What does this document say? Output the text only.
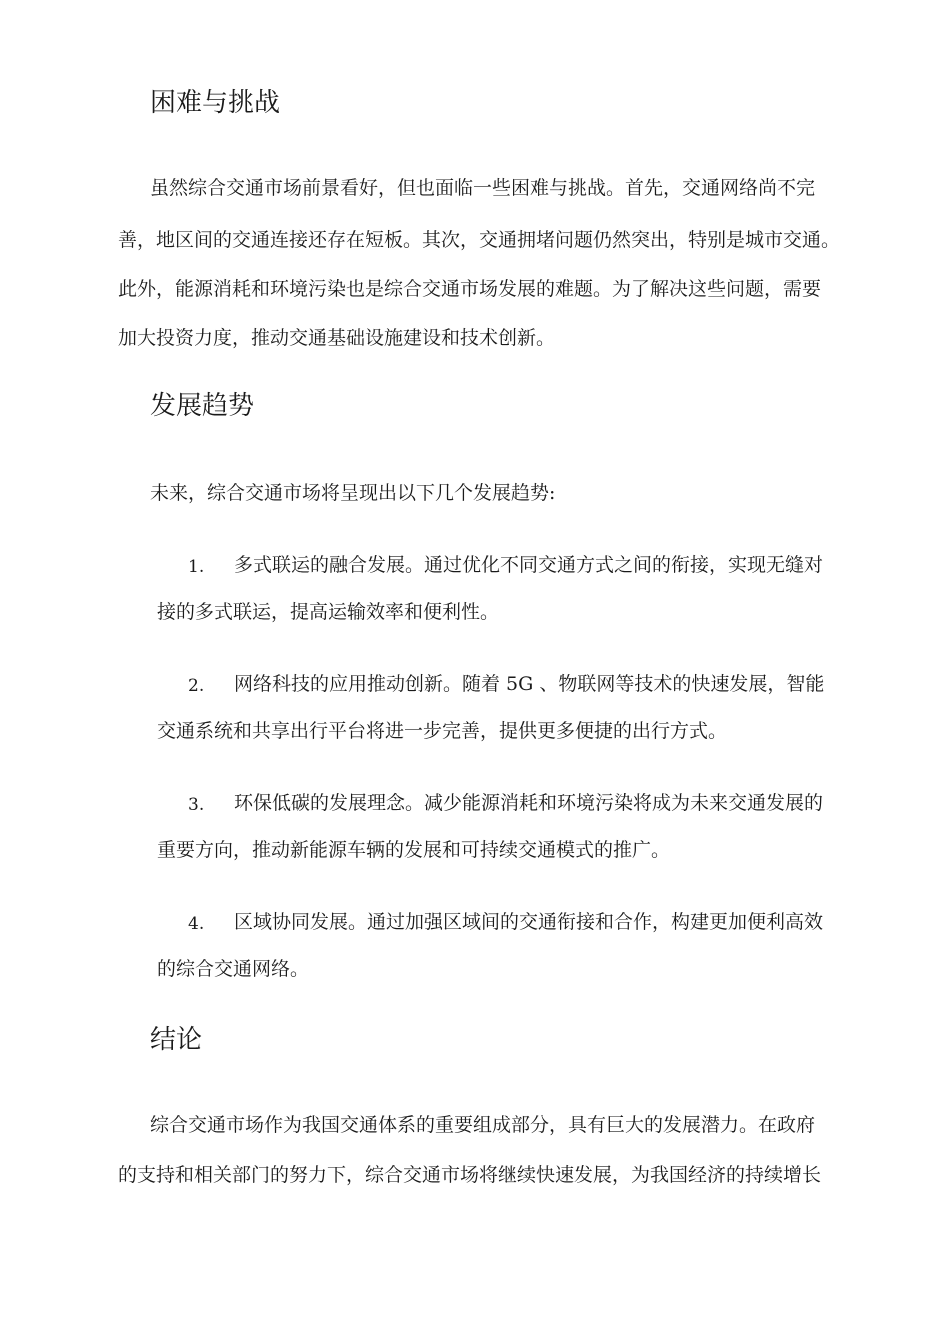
困难与挑战
虽然综合交通市场前景看好，但也面临一些困难与挑战。首先，交通网络尚不完
善，地区间的交通连接还存在短板。其次，交通拥堵问题仍然突出，特别是城市交通。
此外，能源消耗和环境污染也是综合交通市场发展的难题。为了解决这些问题，需要
加大投资力度，推动交通基础设施建设和技术创新。
发展趋势
未来，综合交通市场将呈现出以下几个发展趋势:
1. 多式联运的融合发展。通过优化不同交通方式之间的衔接，实现无缝对
接的多式联运，提高运输效率和便利性。
2. 网络科技的应用推动创新。随着 5G 、物联网等技术的快速发展，智能
交通系统和共享出行平台将进一步完善，提供更多便捷的出行方式。
3. 环保低碳的发展理念。减少能源消耗和环境污染将成为未来交通发展的
重要方向，推动新能源车辆的发展和可持续交通模式的推广。
4. 区域协同发展。通过加强区域间的交通衔接和合作，构建更加便利高效
的综合交通网络。
结论
综合交通市场作为我国交通体系的重要组成部分，具有巨大的发展潜力。在政府
的支持和相关部门的努力下，综合交通市场将继续快速发展，为我国经济的持续增长
